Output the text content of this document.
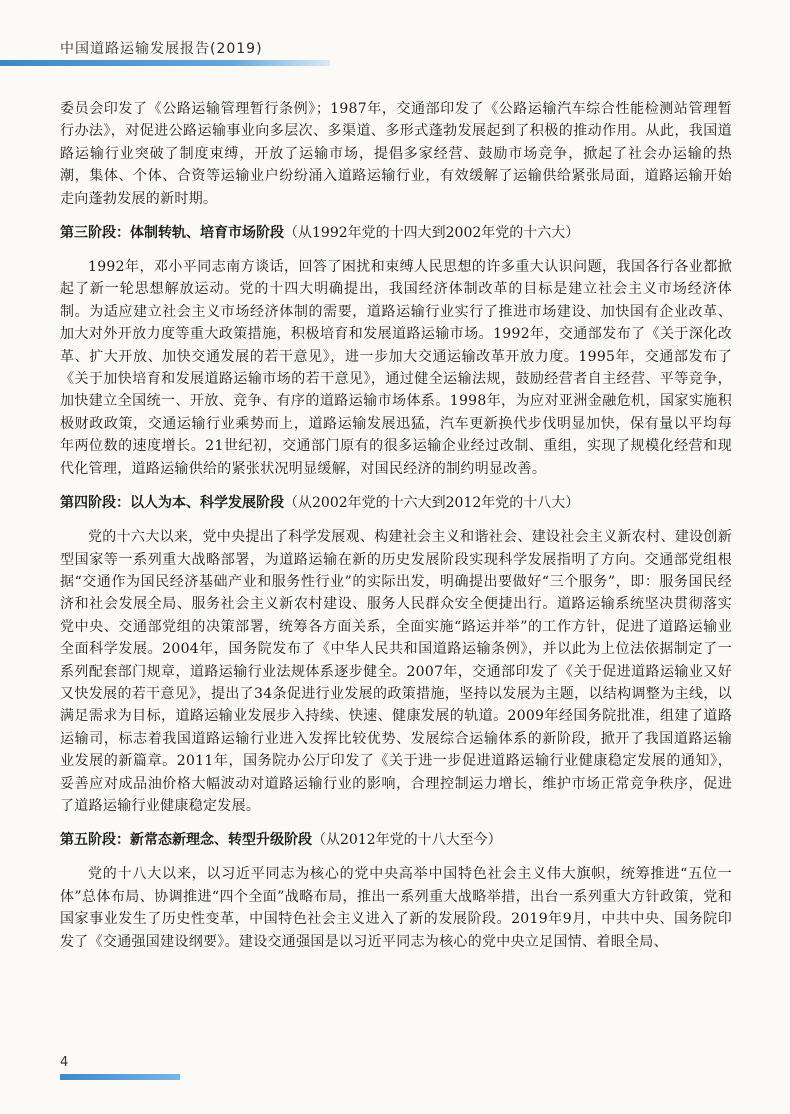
中国道路运输发展报告(2019)

委员会印发了《公路运输管理暂行条例》；1987年，交通部印发了《公路运输汽车综合性能检测站管理暂行办法》，对促进公路运输事业向多层次、多渠道、多形式蓬勃发展起到了积极的推动作用。从此，我国道路运输行业突破了制度束缚，开放了运输市场，提倡多家经营、鼓励市场竞争，掀起了社会办运输的热潮，集体、个体、合资等运输业户纷纷涌入道路运输行业，有效缓解了运输供给紧张局面，道路运输开始走向蓬勃发展的新时期。

第三阶段：体制转轨、培育市场阶段（从1992年党的十四大到2002年党的十六大）

1992年，邓小平同志南方谈话，回答了困扰和束缚人民思想的许多重大认识问题，我国各行各业都掀起了新一轮思想解放运动。党的十四大明确提出，我国经济体制改革的目标是建立社会主义市场经济体制。为适应建立社会主义市场经济体制的需要，道路运输行业实行了推进市场建设、加快国有企业改革、加大对外开放力度等重大政策措施，积极培育和发展道路运输市场。1992年，交通部发布了《关于深化改革、扩大开放、加快交通发展的若干意见》，进一步加大交通运输改革开放力度。1995年，交通部发布了《关于加快培育和发展道路运输市场的若干意见》，通过健全运输法规，鼓励经营者自主经营、平等竞争，加快建立全国统一、开放、竞争、有序的道路运输市场体系。1998年，为应对亚洲金融危机，国家实施积极财政政策，交通运输行业乘势而上，道路运输发展迅猛，汽车更新换代步伐明显加快，保有量以平均每年两位数的速度增长。21世纪初，交通部门原有的很多运输企业经过改制、重组，实现了规模化经营和现代化管理，道路运输供给的紧张状况明显缓解，对国民经济的制约明显改善。

第四阶段：以人为本、科学发展阶段（从2002年党的十六大到2012年党的十八大）

党的十六大以来，党中央提出了科学发展观、构建社会主义和谐社会、建设社会主义新农村、建设创新型国家等一系列重大战略部署，为道路运输在新的历史发展阶段实现科学发展指明了方向。交通部党组根据“交通作为国民经济基础产业和服务性行业”的实际出发，明确提出要做好“三个服务”，即：服务国民经济和社会发展全局、服务社会主义新农村建设、服务人民群众安全便捷出行。道路运输系统坚决贯彻落实党中央、交通部党组的决策部署，统筹各方面关系，全面实施“路运并举”的工作方针，促进了道路运输业全面科学发展。2004年，国务院发布了《中华人民共和国道路运输条例》，并以此为上位法依据制定了一系列配套部门规章，道路运输行业法规体系逐步健全。2007年，交通部印发了《关于促进道路运输业又好又快发展的若干意见》，提出了34条促进行业发展的政策措施，坚持以发展为主题，以结构调整为主线，以满足需求为目标，道路运输业发展步入持续、快速、健康发展的轨道。2009年经国务院批准，组建了道路运输司，标志着我国道路运输行业进入发挥比较优势、发展综合运输体系的新阶段，掀开了我国道路运输业发展的新篇章。2011年，国务院办公厅印发了《关于进一步促进道路运输行业健康稳定发展的通知》，妥善应对成品油价格大幅波动对道路运输行业的影响，合理控制运力增长，维护市场正常竞争秩序，促进了道路运输行业健康稳定发展。

第五阶段：新常态新理念、转型升级阶段（从2012年党的十八大至今）

党的十八大以来，以习近平同志为核心的党中央高举中国特色社会主义伟大旗帜，统筹推进“五位一体”总体布局、协调推进“四个全面”战略布局，推出一系列重大战略举措，出台一系列重大方针政策，党和国家事业发生了历史性变革，中国特色社会主义进入了新的发展阶段。2019年9月，中共中央、国务院印发了《交通强国建设纲要》。建设交通强国是以习近平同志为核心的党中央立足国情、着眼全局、

4
